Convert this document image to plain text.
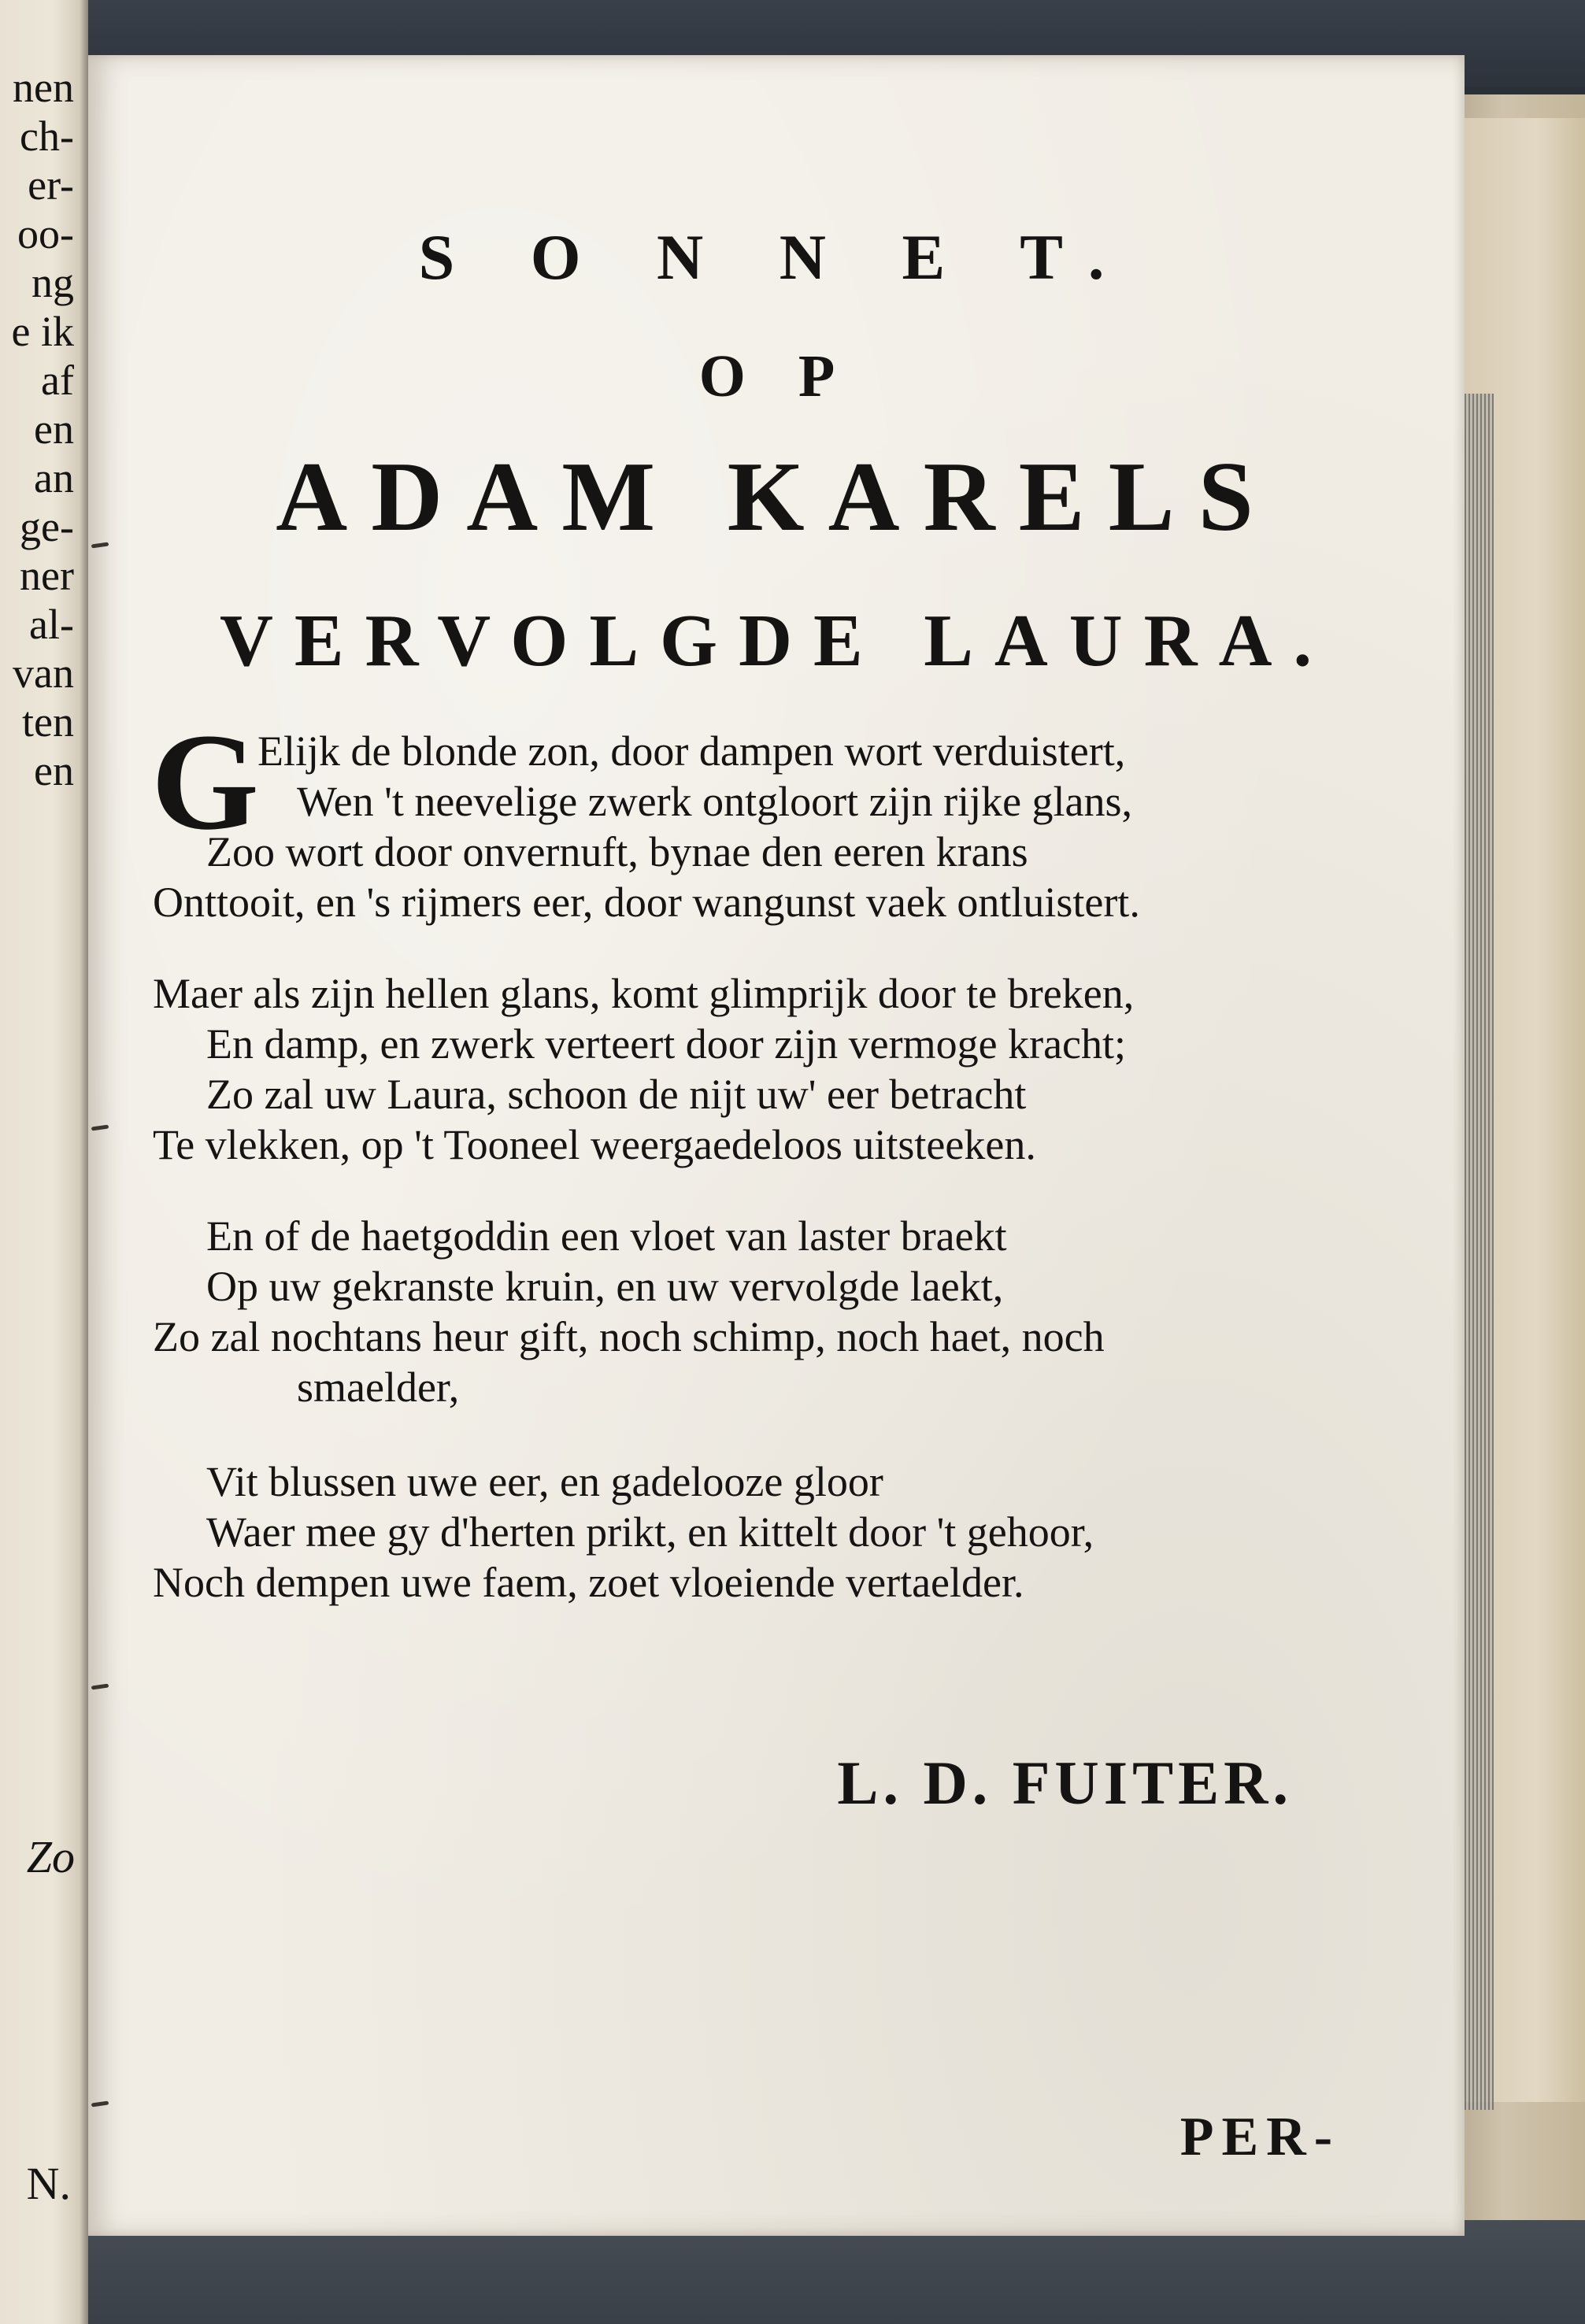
nen
ch-
er-
oo-
ng
e ik
af
en
an
ge-
ner
al-
van
ten
en
Zo
N.
S O N N E T.
O P
ADAM KARELS
VERVOLGDE LAURA.
G
Elijk de blonde zon, door dampen wort verduistert,
Wen 't neevelige zwerk ontgloort zijn rijke glans,
Zoo wort door onvernuft, bynae den eeren krans
Onttooit, en 's rijmers eer, door wangunst vaek ontluistert.
Maer als zijn hellen glans, komt glimprijk door te breken,
En damp, en zwerk verteert door zijn vermoge kracht;
Zo zal uw Laura, schoon de nijt uw' eer betracht
Te vlekken, op 't Tooneel weergaedeloos uitsteeken.
En of de haetgoddin een vloet van laster braekt
Op uw gekranste kruin, en uw vervolgde laekt,
Zo zal nochtans heur gift, noch schimp, noch haet, noch
smaelder,
Vit blussen uwe eer, en gadelooze gloor
Waer mee gy d'herten prikt, en kittelt door 't gehoor,
Noch dempen uwe faem, zoet vloeiende vertaelder.
L. D. FUITER.
PER-
